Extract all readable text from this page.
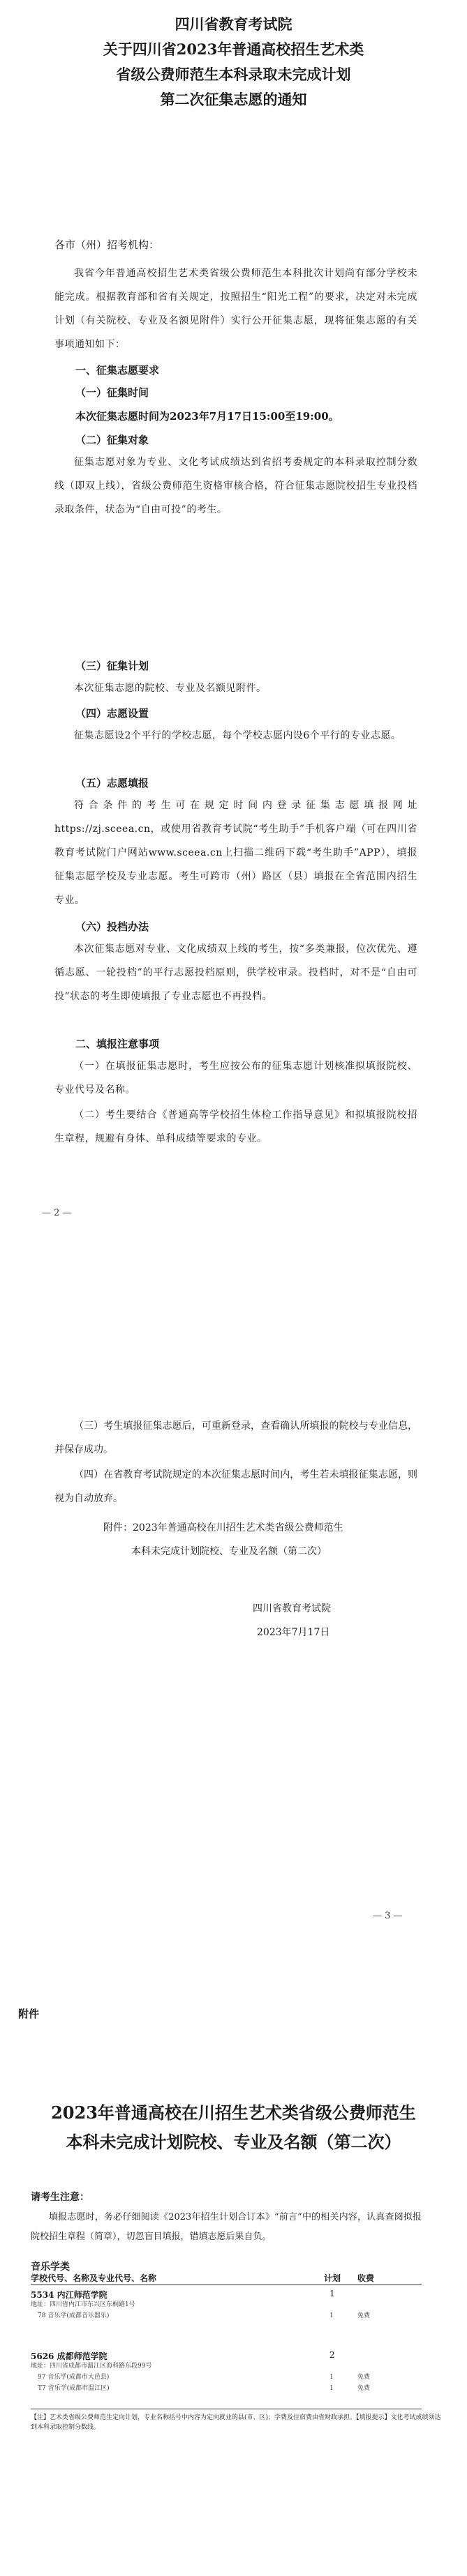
四川省教育考试院
关于四川省2023年普通高校招生艺术类
省级公费师范生本科录取未完成计划
第二次征集志愿的通知
各市（州）招考机构：

我省今年普通高校招生艺术类省级公费师范生本科批次计划尚有部分学校未能完成。根据教育部和省有关规定，按照招生“阳光工程”的要求，决定对未完成计划（有关院校、专业及名额见附件）实行公开征集志愿，现将征集志愿的有关事项通知如下：

一、征集志愿要求
（一）征集时间
本次征集志愿时间为2023年7月17日15:00至19:00。
（二）征集对象

征集志愿对象为专业、文化考试成绩达到省招考委规定的本科录取控制分数线（即双上线），省级公费师范生资格审核合格，符合征集志愿院校招生专业投档录取条件，状态为“自由可投”的考生。

（三）征集计划

本次征集志愿的院校、专业及名额见附件。

（四）志愿设置

征集志愿设2个平行的学校志愿，每个学校志愿内设6个平行的专业志愿。

（五）志愿填报

符合条件的考生可在规定时间内登录征集志愿填报网址https://zj.sceea.cn，或使用省教育考试院“考生助手”手机客户端（可在四川省教育考试院门户网站www.sceea.cn上扫描二维码下载“考生助手”APP），填报征集志愿学校及专业志愿。考生可跨市（州）路区（县）填报在全省范围内招生专业。

（六）投档办法

本次征集志愿对专业、文化成绩双上线的考生，按“多类兼报，位次优先、遵循志愿、一轮投档”的平行志愿投档原则，供学校审录。投档时，对不是“自由可投”状态的考生即使填报了专业志愿也不再投档。

二、填报注意事项

（一）在填报征集志愿时，考生应按公布的征集志愿计划核准拟填报院校、专业代号及名称。

（二）考生要结合《普通高等学校招生体检工作指导意见》和拟填报院校招生章程，规避有身体、单科成绩等要求的专业。

— 2 —

（三）考生填报征集志愿后，可重新登录，查看确认所填报的院校与专业信息，并保存成功。

（四）在省教育考试院规定的本次征集志愿时间内，考生若未填报征集志愿，则视为自动放弃。

附件：2023年普通高校在川招生艺术类省级公费师范生

本科未完成计划院校、专业及名额（第二次）

四川省教育考试院
2023年7月17日
— 3 —
附件
2023年普通高校在川招生艺术类省级公费师范生
本科未完成计划院校、专业及名额（第二次）
请考生注意：

填报志愿时，务必仔细阅读《2023年招生计划合订本》“前言”中的相关内容，认真查阅拟报院校招生章程（简章），切忽盲目填报，错填志愿后果自负。

音乐学类
学校代号、名称及专业代号、名称	计划 收费
5534 内江师范学院	1
地址：四川省内江市东兴区东桐路1号
78 音乐学(成都音乐器乐)	1	免费
5626 成都师范学院	2
地址：四川省成都市温江区海科路东段99号
97 音乐学(成都市大邑县)	1	免费
T7 音乐学(成都市温江区)	1	免费

【注】艺术类省级公费师范生定向计划，专业名称括号中内容为定向就业的县(市、区)；学费及住宿费由省财政承担。【填报提示】文化考试成绩须达到本科录取控制分数线。
